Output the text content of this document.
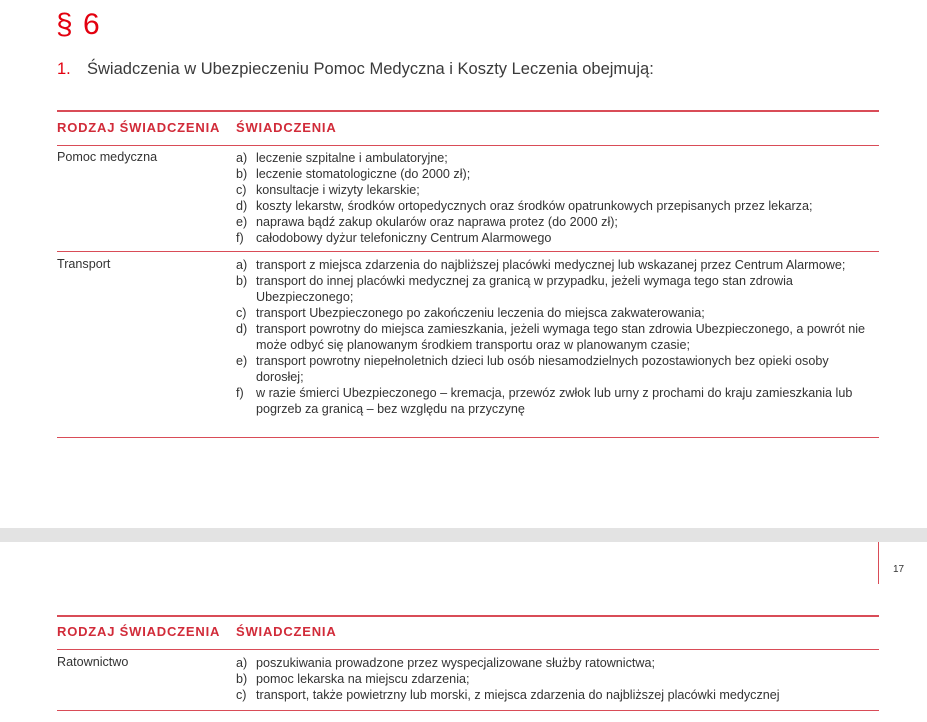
§ 6
1. Świadczenia w Ubezpieczeniu Pomoc Medyczna i Koszty Leczenia obejmują:
RODZAJ ŚWIADCZENIA ŚWIADCZENIA
Pomoc medyczna	a) leczenie szpitalne i ambulatoryjne;
b) leczenie stomatologiczne (do 2000 zł);
c) konsultacje i wizyty lekarskie;
d) koszty lekarstw, środków ortopedycznych oraz środków opatrunkowych przepisanych przez lekarza;
e) naprawa bądź zakup okularów oraz naprawa protez (do 2000 zł);
f) całodobowy dyżur telefoniczny Centrum Alarmowego
Transport	a) transport z miejsca zdarzenia do najbliższej placówki medycznej lub wskazanej przez Centrum Alarmowe;
b) transport do innej placówki medycznej za granicą w przypadku, jeżeli wymaga tego stan zdrowia Ubezpieczonego;
c) transport Ubezpieczonego po zakończeniu leczenia do miejsca zakwaterowania;
d) transport powrotny do miejsca zamieszkania, jeżeli wymaga tego stan zdrowia Ubezpieczonego, a powrót nie może odbyć się planowanym środkiem transportu oraz w planowanym czasie;
e) transport powrotny niepełnoletnich dzieci lub osób niesamodzielnych pozostawionych bez opieki osoby dorosłej;
f) w razie śmierci Ubezpieczonego – kremacja, przewóz zwłok lub urny z prochami do kraju zamieszkania lub pogrzeb za granicą – bez względu na przyczynę
17
RODZAJ ŚWIADCZENIA ŚWIADCZENIA
Ratownictwo	a) poszukiwania prowadzone przez wyspecjalizowane służby ratownictwa;
b) pomoc lekarska na miejscu zdarzenia;
c) transport, także powietrzny lub morski, z miejsca zdarzenia do najbliższej placówki medycznej
